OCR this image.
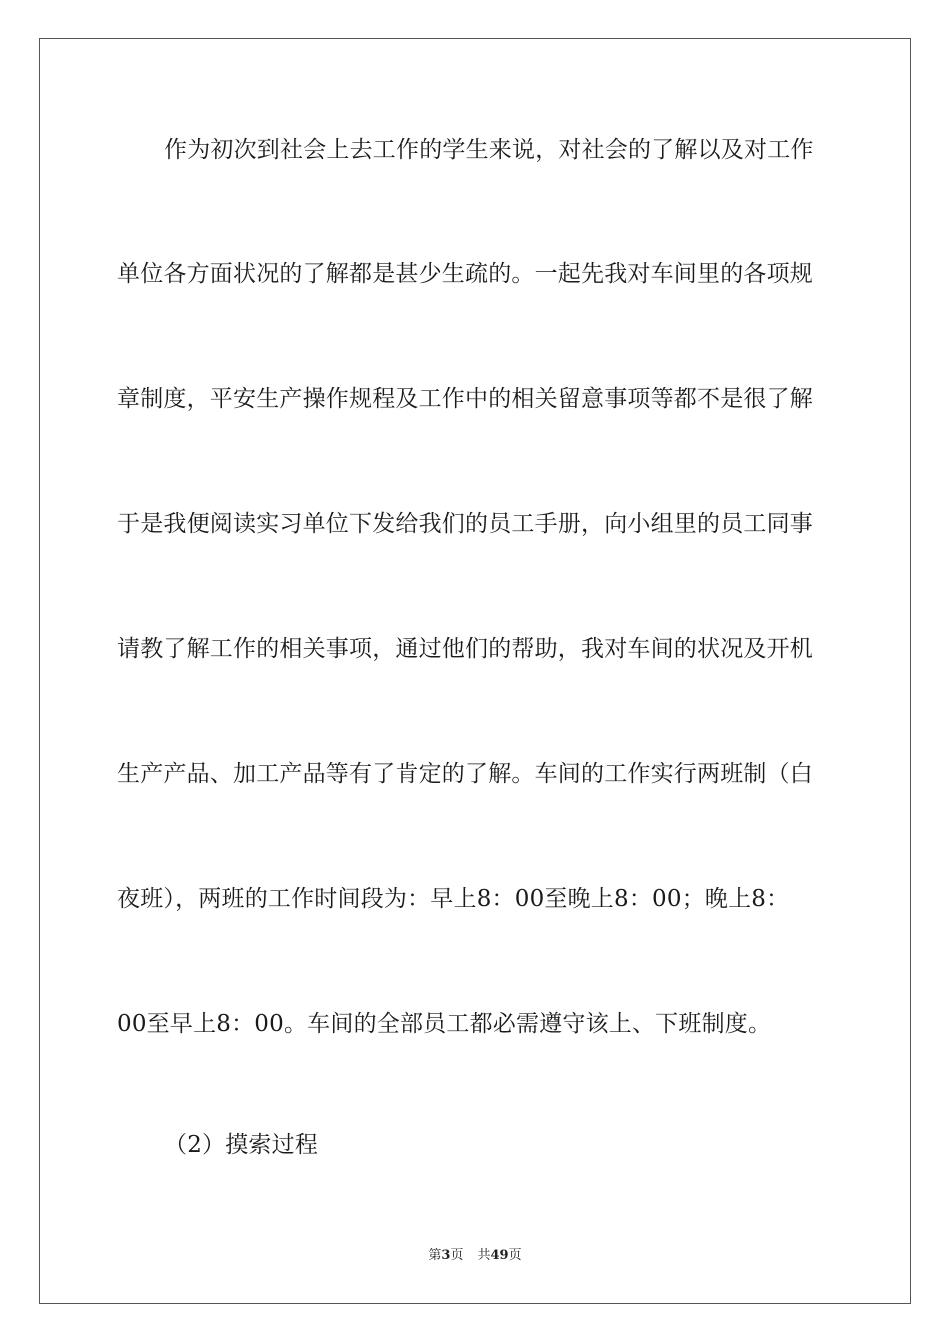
作为初次到社会上去工作的学生来说，对社会的了解以及对工作
单位各方面状况的了解都是甚少生疏的。一起先我对车间里的各项规
章制度，平安生产操作规程及工作中的相关留意事项等都不是很了解
于是我便阅读实习单位下发给我们的员工手册，向小组里的员工同事
请教了解工作的相关事项，通过他们的帮助，我对车间的状况及开机
生产产品、加工产品等有了肯定的了解。车间的工作实行两班制（白
夜班），两班的工作时间段为：早上8：00至晚上8：00；晚上8：
00至早上8：00。车间的全部员工都必需遵守该上、下班制度。
（2）摸索过程
第3页 共49页
